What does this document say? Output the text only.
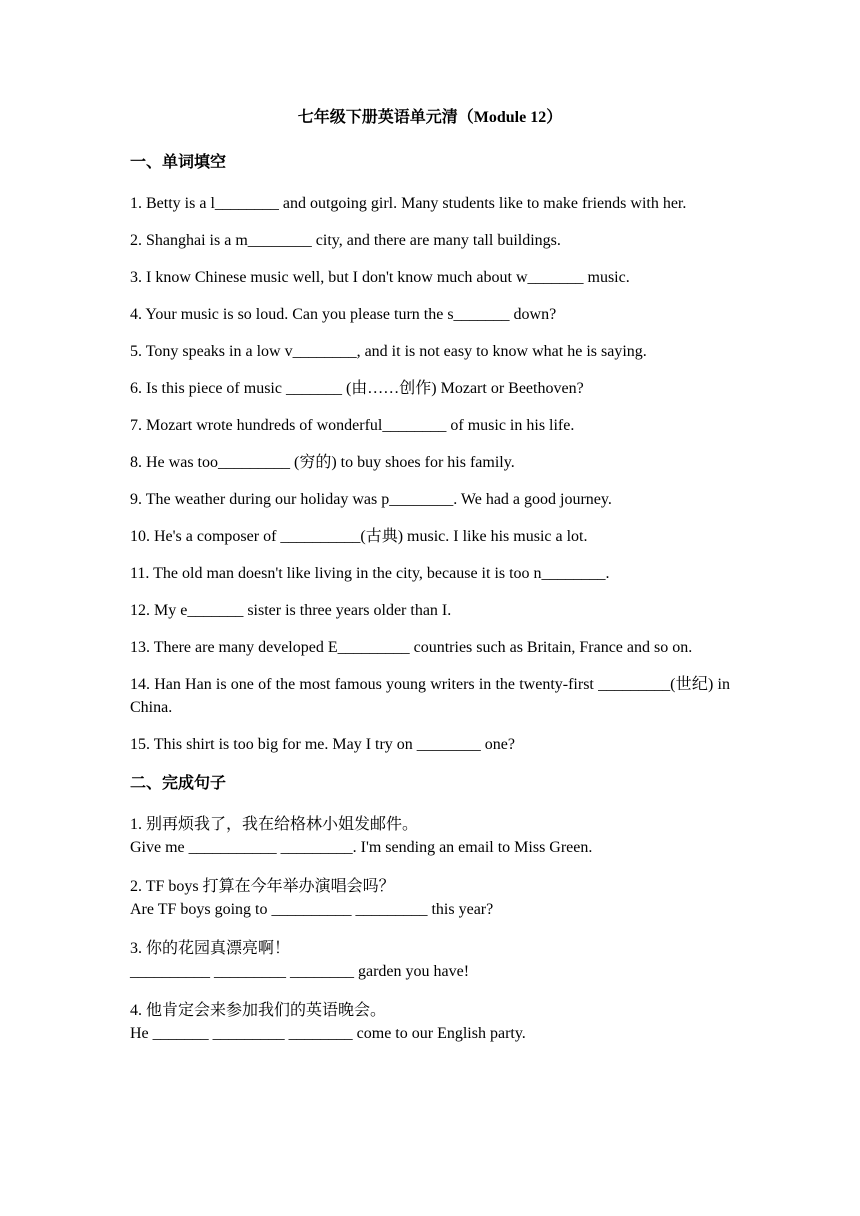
七年级下册英语单元清（Module 12）
一、单词填空

1. Betty is a l________ and outgoing girl. Many students like to make friends with her.

2. Shanghai is a m________ city, and there are many tall buildings.

3. I know Chinese music well, but I don't know much about w_______ music.

4. Your music is so loud. Can you please turn the s_______ down?

5. Tony speaks in a low v________, and it is not easy to know what he is saying.

6. Is this piece of music _______ (由……创作) Mozart or Beethoven?

7. Mozart wrote hundreds of wonderful________ of music in his life.

8. He was too_________ (穷的) to buy shoes for his family.

9. The weather during our holiday was p________. We had a good journey.

10. He's a composer of __________(古典) music. I like his music a lot.

11. The old man doesn't like living in the city, because it is too n________.

12. My e_______ sister is three years older than I.

13. There are many developed E_________ countries such as Britain, France and so on.

14. Han Han is one of the most famous young writers in the twenty-first _________(世纪) in China.

15. This shirt is too big for me. May I try on ________ one?

二、完成句子

1. 别再烦我了，我在给格林小姐发邮件。
Give me ___________ _________. I'm sending an email to Miss Green.

2. TF boys 打算在今年举办演唱会吗？
Are TF boys going to __________ _________ this year?

3. 你的花园真漂亮啊！
__________ _________ ________ garden you have!

4. 他肯定会来参加我们的英语晚会。
He _______ _________ ________ come to our English party.
